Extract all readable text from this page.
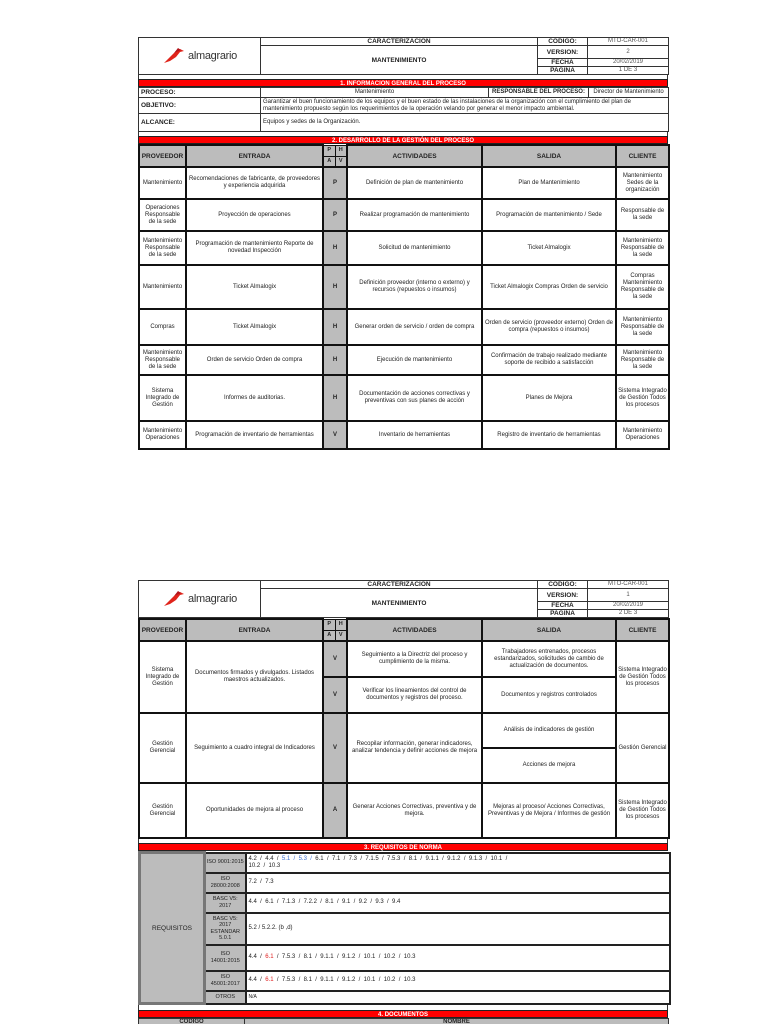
almagrario	CARACTERIZACIÓN	CODIGO:	MTO-CAR-001
	MANTENIMIENTO	VERSION:	2
		FECHA	20/02/2019
		PAGINA	1 DE 3
1. INFORMACION GENERAL DEL PROCESO
PROCESO:	Mantenimiento	RESPONSABLE DEL PROCESO:	Director de Mantenimiento
OBJETIVO:	Garantizar el buen funcionamiento de los equipos y el buen estado de las instalaciones de la organización con el cumplimiento del plan de mantenimiento propuesto según los requerimientos de la operación velando por generar el menor impacto ambiental.		
ALCANCE:	Equipos y sedes de la Organización.		
2. DESARROLLO DE LA GESTIÓN DEL PROCESO
PROVEEDOR	ENTRADA	P	H	ACTIVIDADES	SALIDA	CLIENTE
		A	V			
Mantenimiento	Recomendaciones de fabricante, de proveedores y experiencia adquirida	P		Definición de plan de mantenimiento	Plan de Mantenimiento	Mantenimiento Sedes de la organización
Operaciones Responsable de la sede	Proyección de operaciones	P		Realizar programación de mantenimiento	Programación de mantenimiento / Sede	Responsable de la sede
Mantenimiento Responsable de la sede	Programación de mantenimiento Reporte de novedad Inspección	H		Solicitud de mantenimiento	Ticket Almalogix	Mantenimiento Responsable de la sede
Mantenimiento	Ticket Almalogix	H		Definición proveedor (interno o externo) y recursos (repuestos o insumos)	Ticket Almalogix Compras Orden de servicio	Compras Mantenimiento Responsable de la sede
Compras	Ticket Almalogix	H		Generar orden de servicio / orden de compra	Orden de servicio (proveedor externo) Orden de compra (repuestos o insumos)	Mantenimiento Responsable de la sede
Mantenimiento Responsable de la sede	Orden de servicio Orden de compra	H		Ejecución de mantenimiento	Confirmación de trabajo realizado mediante soporte de recibido a satisfacción	Mantenimiento Responsable de la sede
Sistema Integrado de Gestión	Informes de auditorias.	H		Documentación de acciones correctivas y preventivas con sus planes de acción	Planes de Mejora	Sistema Integrado de Gestión Todos los procesos
Mantenimiento Operaciones	Programación de inventario de herramientas	V		Inventario de herramientas	Registro de inventario de herramientas	Mantenimiento Operaciones
almagrario	CARACTERIZACIÓN	CODIGO:	MTO-CAR-001
	MANTENIMIENTO	VERSION:	1
		FECHA	20/02/2019
		PAGINA	2 DE 3
PROVEEDOR	ENTRADA	P	H	ACTIVIDADES	SALIDA	CLIENTE
		A	V			
Sistema Integrado de Gestión	Documentos firmados y divulgados. Listados maestros actualizados.	V		Seguimiento a la Directriz del proceso y cumplimiento de la misma.	Trabajadores entrenados, procesos estandarizados, solicitudes de cambio de actualización de documentos.	Sistema Integrado de Gestión Todos los procesos
		V		Verificar los lineamientos del control de documentos y registros del proceso.	Documentos y registros controlados	
Gestión Gerencial	Seguimiento a cuadro integral de Indicadores	V		Recopilar información, generar indicadores, analizar tendencia y definir acciones de mejora	Análisis de indicadores de gestión	Gestión Gerencial
					Acciones de mejora	
Gestión Gerencial	Oportunidades de mejora al proceso	A		Generar Acciones Correctivas, preventiva y de mejora.	Mejoras al proceso/ Acciones Correctivas, Preventivas y de Mejora / Informes de gestión	Sistema Integrado de Gestión Todos los procesos
3. REQUISITOS DE NORMA
REQUISITOS	ISO 9001:2015	4.2  /  4.4  /  5.1  /  5.3  /  6.1  /  7.1  /  7.3  /  7.1.5  /  7.5.3  /  8.1  /  9.1.1  /  9.1.2  /  9.1.3  /  10.1  /
10.2  /  10.3
	ISO 28000:2008	7.2  /  7.3
	BASC V5: 2017	4.4  /  6.1  /  7.1.3  /  7.2.2  /  8.1  /  9.1  /  9.2  /  9.3  /  9.4
	BASC V5: 2017 ESTANDAR 5.0.1	5.2 / 5.2.2. (b ,d)
	ISO 14001:2015	4.4  /  6.1  /  7.5.3  /  8.1  /  9.1.1  /  9.1.2  /  10.1  /  10.2  /  10.3
	ISO 45001:2017	4.4  /  6.1  /  7.5.3  /  8.1  /  9.1.1  /  9.1.2  /  10.1  /  10.2  /  10.3
	OTROS	N/A
4. DOCUMENTOS
CODIGO	NOMBRE
